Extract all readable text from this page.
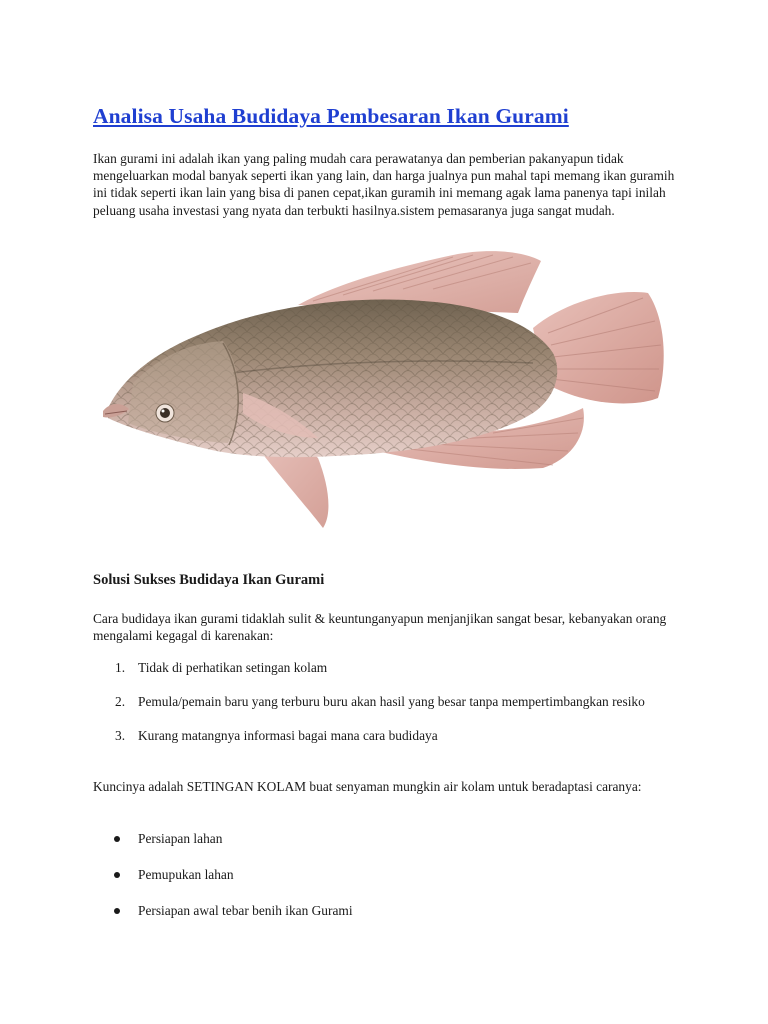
Analisa Usaha Budidaya Pembesaran Ikan Gurami

Ikan gurami ini adalah ikan yang paling mudah cara perawatanya dan pemberian pakanyapun tidak mengeluarkan modal banyak seperti ikan yang lain, dan harga jualnya pun mahal tapi memang ikan guramih ini tidak seperti ikan lain yang bisa di panen cepat,ikan guramih ini memang agak lama panenya tapi inilah peluang usaha investasi yang nyata dan terbukti hasilnya.sistem pemasaranya juga sangat mudah.

Solusi Sukses Budidaya Ikan Gurami

Cara budidaya ikan gurami tidaklah sulit & keuntunganyapun menjanjikan sangat besar, kebanyakan orang mengalami kegagal di karenakan:

1. Tidak di perhatikan setingan kolam
2. Pemula/pemain baru yang terburu buru akan hasil yang besar tanpa mempertimbangkan resiko
3. Kurang matangnya informasi bagai mana cara budidaya

Kuncinya adalah SETINGAN KOLAM buat senyaman mungkin air kolam untuk beradaptasi caranya:

Persiapan lahan
Pemupukan lahan
Persiapan awal tebar benih ikan Gurami
